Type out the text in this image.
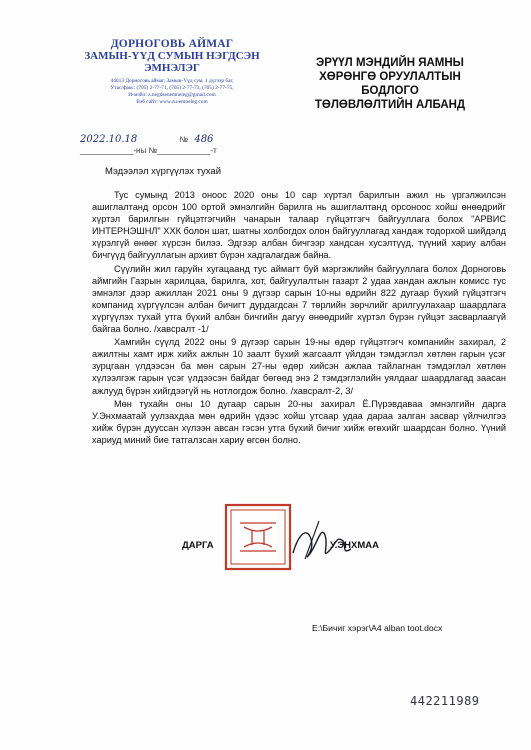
ДОРНОГОВЬ АЙМАГ
ЗАМЫН-ҮҮД СУМЫН НЭГДСЭН
ЭМНЭЛЭГ
44013 Дорноговь аймаг, Замын-Үүд сум, 1 дүгээр баг,
Утас/факс: (705) 2-77-71, (705) 2-77-73, (705) 2-77-75,
И-мэйл: z.negdsenemneleg@gmail.com
Вэб сайт: www.zu-emneleg.com
ЭРҮҮЛ МЭНДИЙН ЯАМНЫ
ХӨРӨНГӨ ОРУУЛАЛТЫН БОДЛОГО
ТӨЛӨВЛӨЛТИЙН АЛБАНД
2022.10.18	№ 486
____________-ны №____________-т
Мэдээлэл хүргүүлэх тухай

Тус сумынд 2013 оноос 2020 оны 10 сар хүртэл барилгын ажил нь үргэлжилсэн ашиглалтанд орсон 100 ортой эмнэлгийн барилга нь ашиглалтанд орсоноос хойш өнөөдрийг хүртэл барилгын гүйцэтгэгчийн чанарын талаар гүйцэтгэгч байгууллага болох "АРВИС ИНТЕРНЭШНЛ" ХХК болон шат, шатны холбогдох олон байгууллагад хандаж тодорхой шийдэлд хүрэлгүй өнөөг хүрсэн билээ. Эдгээр албан бичгээр хандсан хусэлтүүд, түүний хариу албан бичгүүд байгууллагын архивт бүрэн хадгалагдаж байна.

Сүүлийн жил гаруйн хугацаанд тус аймагт буй мэргэжлийн байгууллага болох Дорноговь аймгийн Газрын харилцаа, барилга, хот, байгуулалтын газарт 2 удаа хандан ажлын комисс тус эмнэлэг дээр ажиллан 2021 оны 9 дүгээр сарын 10-ны өдрийн 822 дугаар бүхий гүйцэтгэгч компанид хүргүүлсэн албан бичигт дурдагдсан 7 төрлийн зөрчлийг арилгуулахаар шаардлага хүргүүлэх тухай утга бүхий албан бичгийн дагуу өнөөдрийг хүртэл бүрэн гүйцэт засварлаагүй байгаа болно. /хавсралт -1/

Хамгийн сүүлд 2022 оны 9 дүгээр сарын 19-ны өдөр гүйцэтгэгч компанийн захирал, 2 ажилтны хамт ирж хийх ажлын 10 заалт бүхий жагсаалт үйлдэн тэмдэглэл хөтлөн гарын үсэг зурцгаан үлдээсэн ба мөн сарын 27-ны өдөр хийсэн ажлаа тайлагнан тэмдэглэл хөтлөн хүлээлгэж гарын үсэг үлдээсэн байдаг бөгөөд энэ 2 тэмдэглэлийн уялдааг шаардлагад заасан ажлууд бүрэн хийгдээгүй нь нотлогдож болно. /хавсралт-2, 3/

Мөн тухайн оны 10 дугаар сарын 20-ны захирал Ё.Пүрэвдаваа эмнэлгийн дарга У.Энхмаатай уулзахдаа мөн өдрийн үдээс хойш утсаар удаа дараа залган засвар үйлчилгээ хийж бүрэн дууссан хүлээн авсан гэсэн утга бүхий бичиг хийж өгөхийг шаардсан болно. Үүний хариуд миний бие татгалзсан хариу өгсөн болно.

ДАРГА	У.ЭНХМАА
E:\Бичиг хэрэг\А4 alban toot.docx
442211989
